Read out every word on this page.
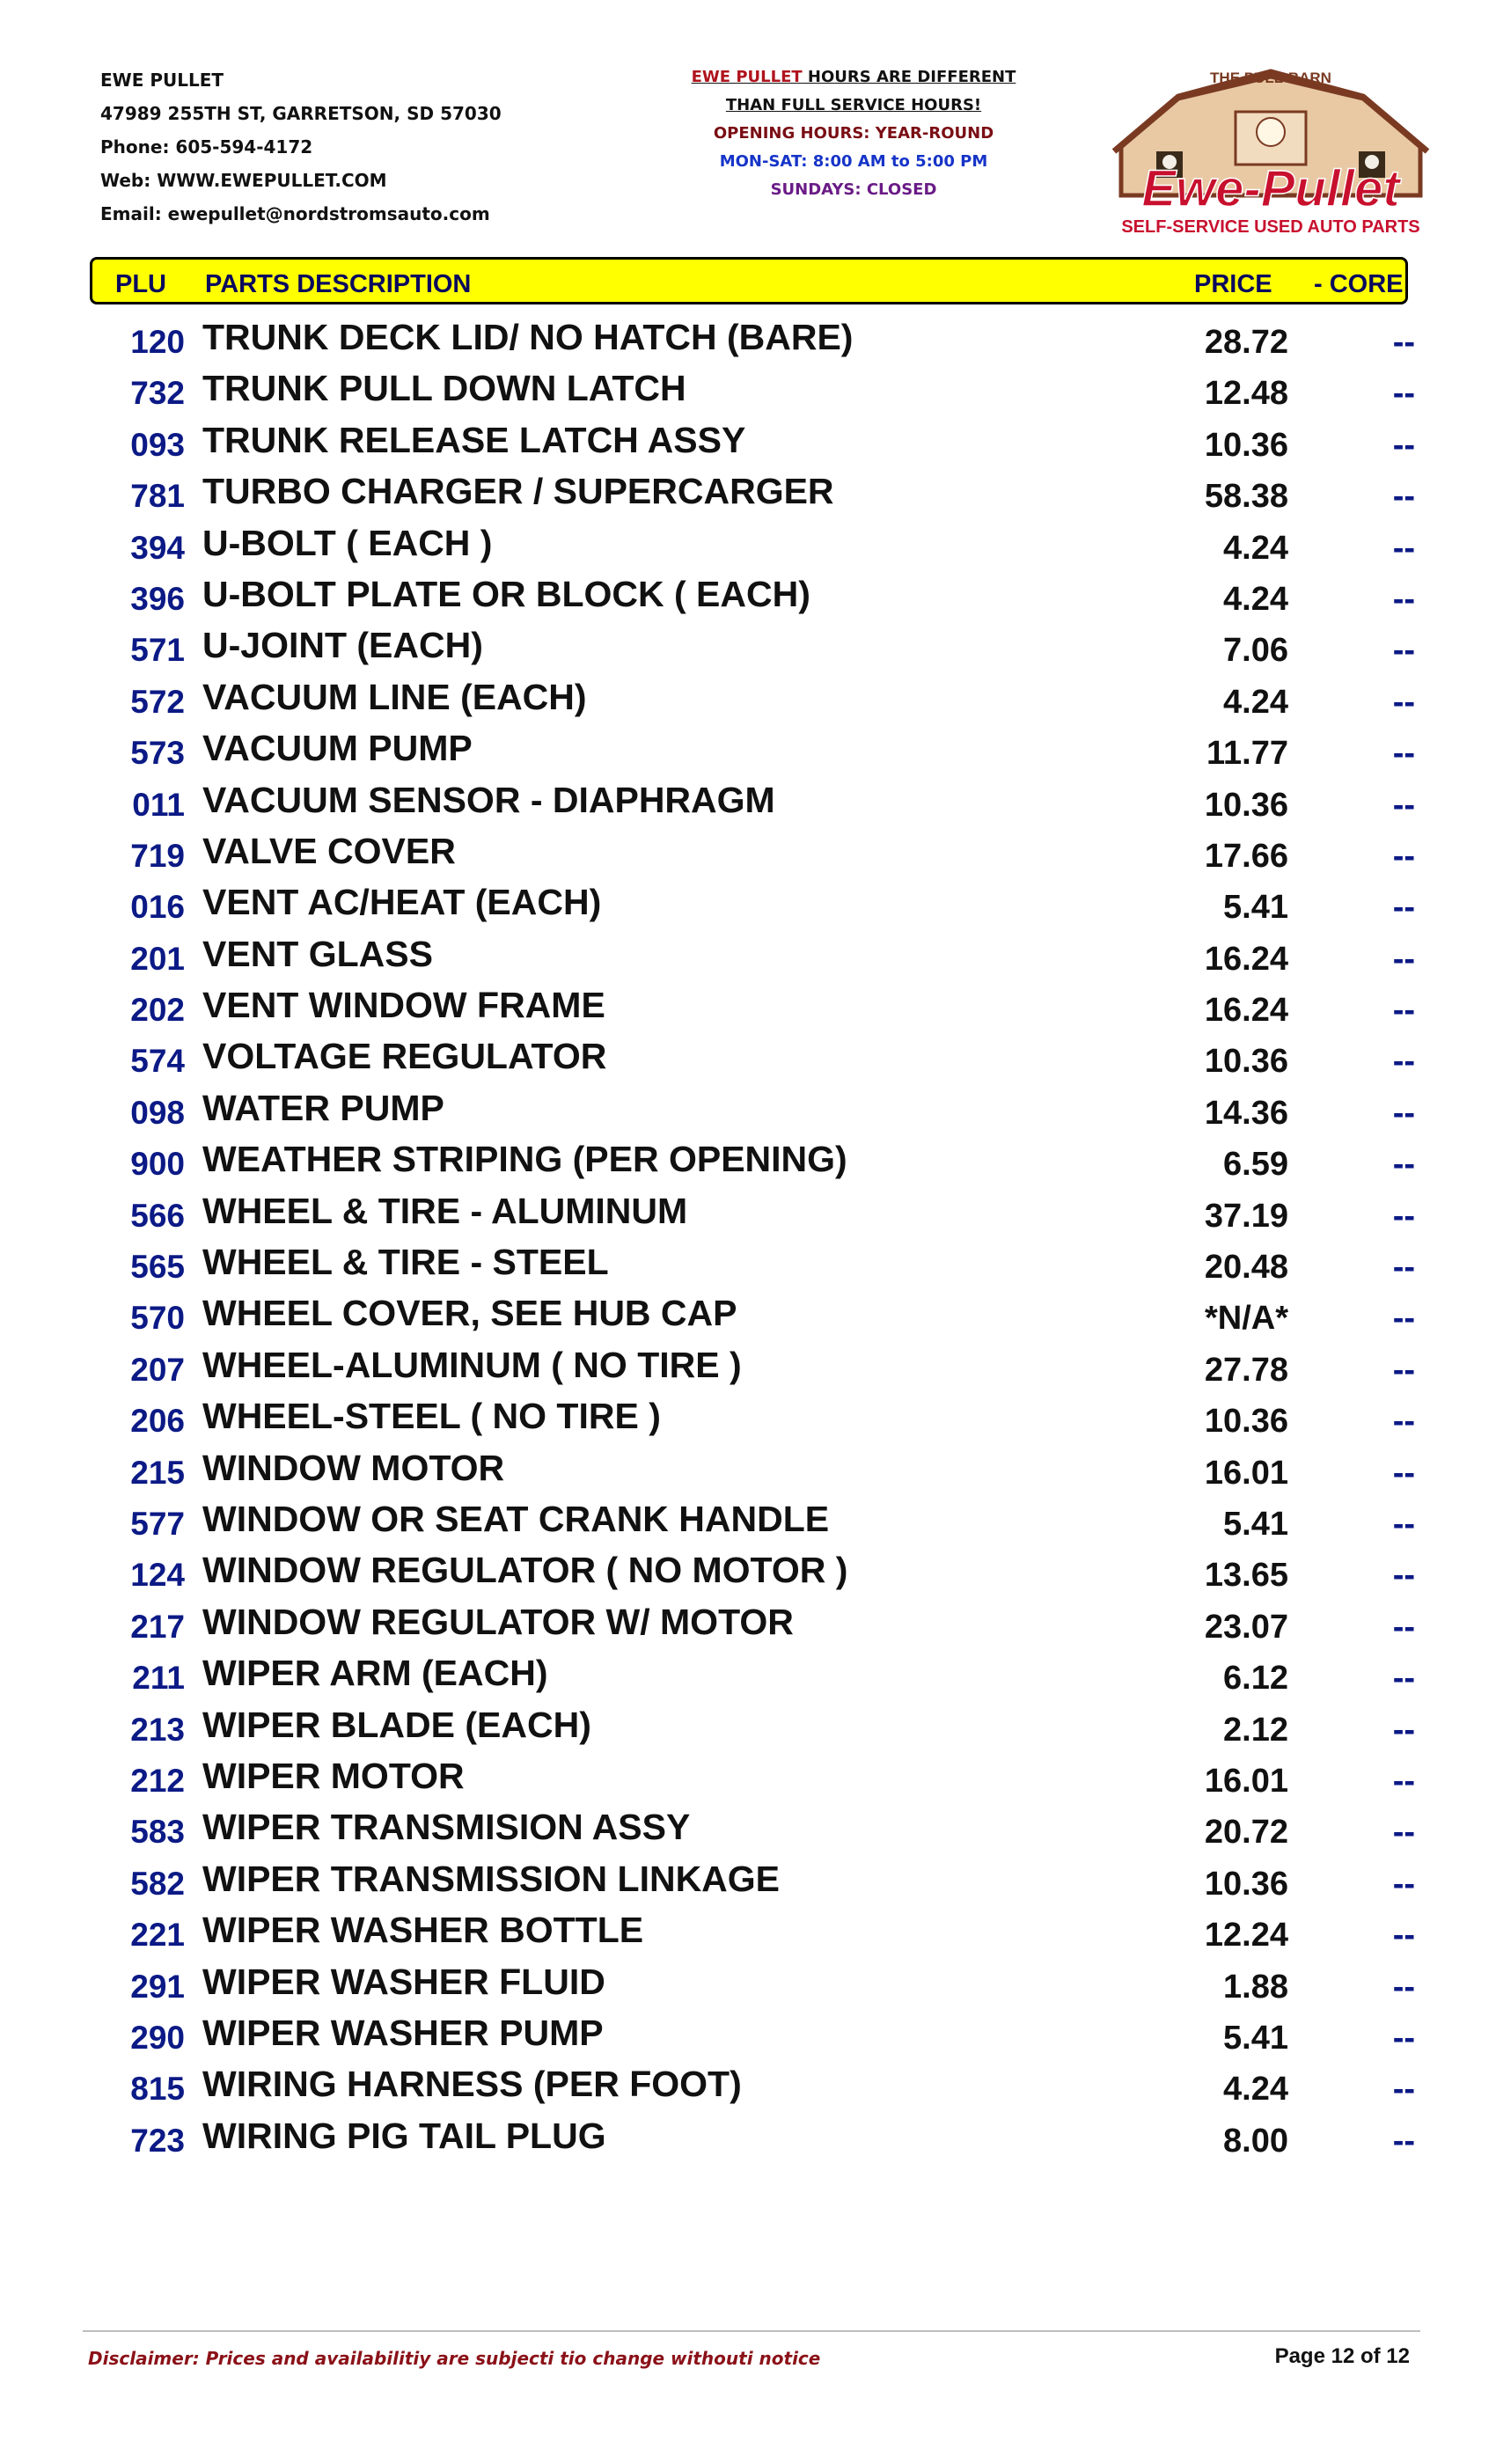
EWE PULLET
47989 255TH ST, GARRETSON, SD 57030
Phone: 605-594-4172
Web: WWW.EWEPULLET.COM
Email: ewepullet@nordstromsauto.com
EWE PULLET HOURS ARE DIFFERENT
THAN FULL SERVICE HOURS!
OPENING HOURS: YEAR-ROUND
MON-SAT: 8:00 AM to 5:00 PM
SUNDAYS: CLOSED
THE PULL-BARN
Ewe-Pullet
SELF-SERVICE USED AUTO PARTS
PLU PARTS DESCRIPTION	PRICE - CORE
120 TRUNK DECK LID/ NO HATCH (BARE)	28.72	--
732 TRUNK PULL DOWN LATCH	12.48	--
093 TRUNK RELEASE LATCH ASSY	10.36	--
781 TURBO CHARGER / SUPERCARGER	58.38	--
394 U-BOLT ( EACH )	4.24	--
396 U-BOLT PLATE OR BLOCK ( EACH)	4.24	--
571 U-JOINT (EACH)	7.06	--
572 VACUUM LINE (EACH)	4.24	--
573 VACUUM PUMP	11.77	--
011 VACUUM SENSOR - DIAPHRAGM	10.36	--
719 VALVE COVER	17.66	--
016 VENT AC/HEAT (EACH)	5.41	--
201 VENT GLASS	16.24	--
202 VENT WINDOW FRAME	16.24	--
574 VOLTAGE REGULATOR	10.36	--
098 WATER PUMP	14.36	--
900 WEATHER STRIPING (PER OPENING)	6.59	--
566 WHEEL & TIRE - ALUMINUM	37.19	--
565 WHEEL & TIRE - STEEL	20.48	--
570 WHEEL COVER, SEE HUB CAP	*N/A*	--
207 WHEEL-ALUMINUM ( NO TIRE )	27.78	--
206 WHEEL-STEEL ( NO TIRE )	10.36	--
215 WINDOW MOTOR	16.01	--
577 WINDOW OR SEAT CRANK HANDLE	5.41	--
124 WINDOW REGULATOR ( NO MOTOR )	13.65	--
217 WINDOW REGULATOR W/ MOTOR	23.07	--
211 WIPER ARM (EACH)	6.12	--
213 WIPER BLADE (EACH)	2.12	--
212 WIPER MOTOR	16.01	--
583 WIPER TRANSMISION ASSY	20.72	--
582 WIPER TRANSMISSION LINKAGE	10.36	--
221 WIPER WASHER BOTTLE	12.24	--
291 WIPER WASHER FLUID	1.88	--
290 WIPER WASHER PUMP	5.41	--
815 WIRING HARNESS (PER FOOT)	4.24	--
723 WIRING PIG TAIL PLUG	8.00	--
Disclaimer: Prices and availabilitiy are subjecti tio change withouti notice	Page 12 of 12
